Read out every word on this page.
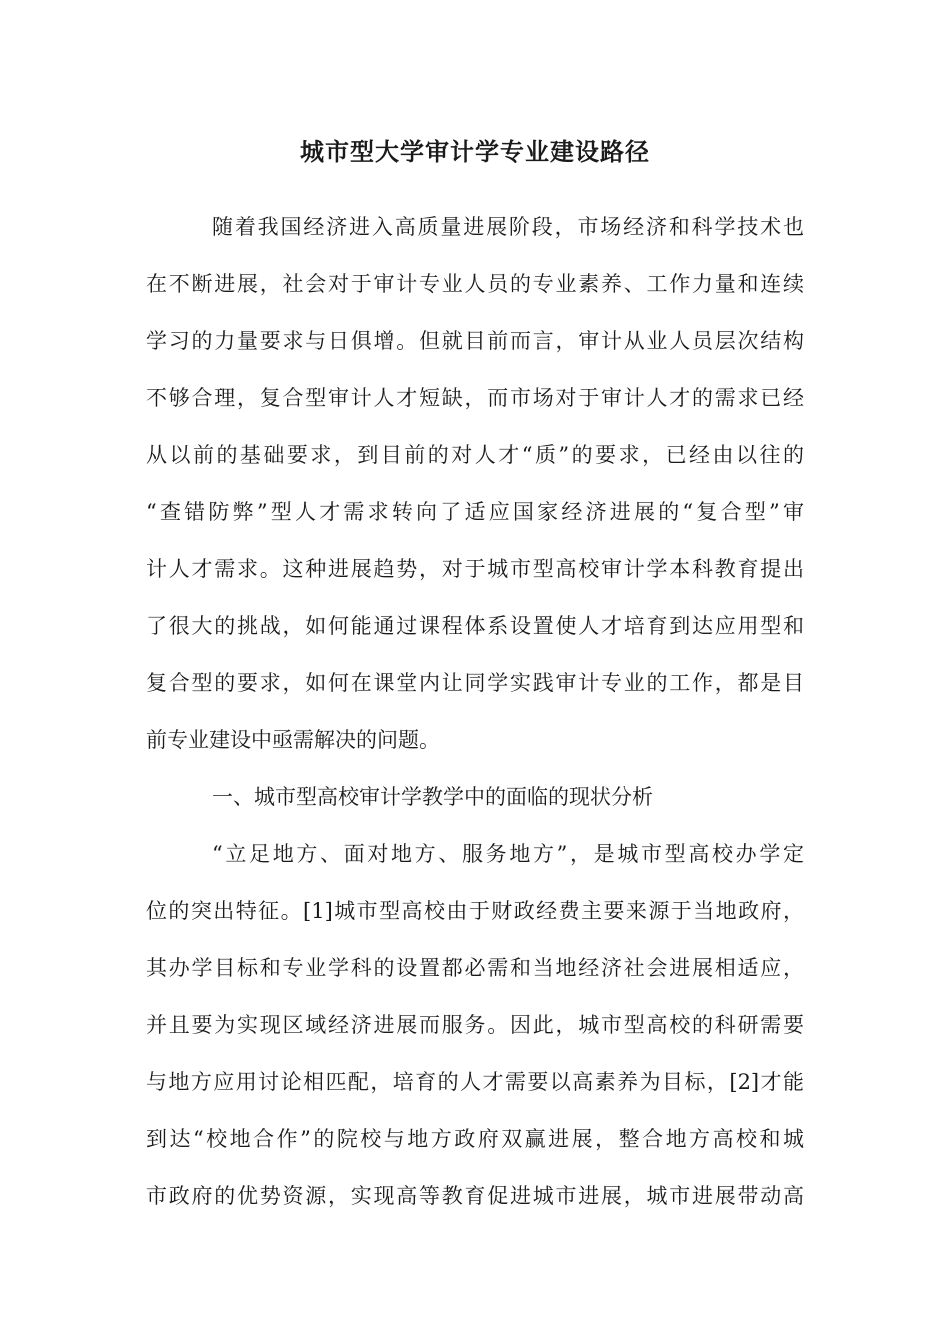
城市型大学审计学专业建设路径

随着我国经济进入高质量进展阶段，市场经济和科学技术也

在不断进展，社会对于审计专业人员的专业素养、工作力量和连续

学习的力量要求与日俱增。但就目前而言，审计从业人员层次结构

不够合理，复合型审计人才短缺，而市场对于审计人才的需求已经

从以前的基础要求，到目前的对人才“质”的要求，已经由以往的

“查错防弊”型人才需求转向了适应国家经济进展的“复合型”审

计人才需求。这种进展趋势，对于城市型高校审计学本科教育提出

了很大的挑战，如何能通过课程体系设置使人才培育到达应用型和

复合型的要求，如何在课堂内让同学实践审计专业的工作，都是目

前专业建设中亟需解决的问题。

一、城市型高校审计学教学中的面临的现状分析

“立足地方、面对地方、服务地方”，是城市型高校办学定

位的突出特征。[1]城市型高校由于财政经费主要来源于当地政府，

其办学目标和专业学科的设置都必需和当地经济社会进展相适应，

并且要为实现区域经济进展而服务。因此，城市型高校的科研需要

与地方应用讨论相匹配，培育的人才需要以高素养为目标，[2]才能

到达“校地合作”的院校与地方政府双赢进展，整合地方高校和城

市政府的优势资源，实现高等教育促进城市进展，城市进展带动高
